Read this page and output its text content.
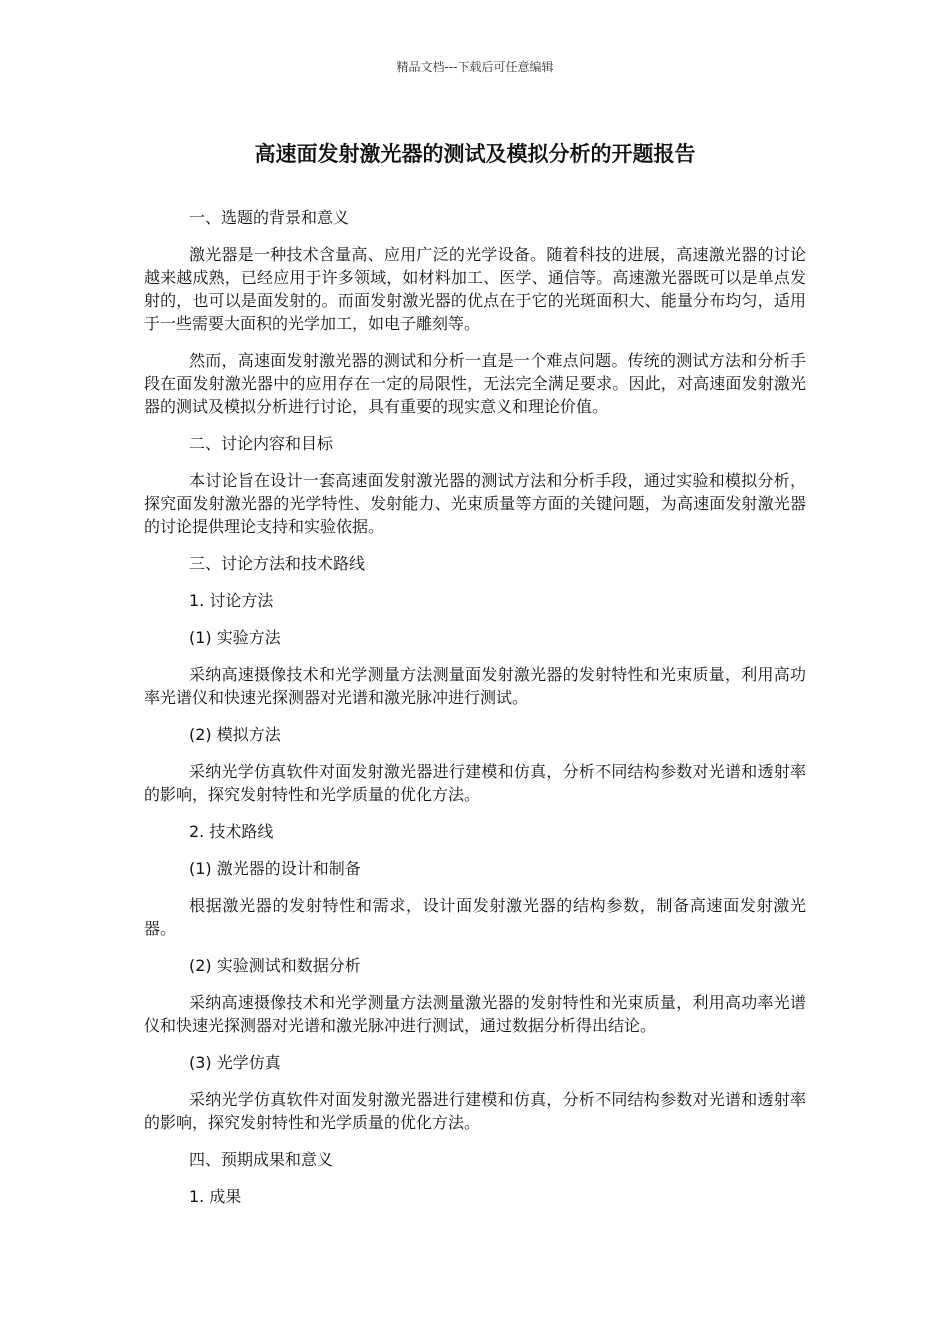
精品文档---下载后可任意编辑
高速面发射激光器的测试及模拟分析的开题报告

一、选题的背景和意义

激光器是一种技术含量高、应用广泛的光学设备。随着科技的进展，高速激光器的讨论越来越成熟，已经应用于许多领域，如材料加工、医学、通信等。高速激光器既可以是单点发射的，也可以是面发射的。而面发射激光器的优点在于它的光斑面积大、能量分布均匀，适用于一些需要大面积的光学加工，如电子雕刻等。

然而，高速面发射激光器的测试和分析一直是一个难点问题。传统的测试方法和分析手段在面发射激光器中的应用存在一定的局限性，无法完全满足要求。因此，对高速面发射激光器的测试及模拟分析进行讨论，具有重要的现实意义和理论价值。

二、讨论内容和目标

本讨论旨在设计一套高速面发射激光器的测试方法和分析手段，通过实验和模拟分析，探究面发射激光器的光学特性、发射能力、光束质量等方面的关键问题，为高速面发射激光器的讨论提供理论支持和实验依据。

三、讨论方法和技术路线

1. 讨论方法

(1) 实验方法

采纳高速摄像技术和光学测量方法测量面发射激光器的发射特性和光束质量，利用高功率光谱仪和快速光探测器对光谱和激光脉冲进行测试。

(2) 模拟方法

采纳光学仿真软件对面发射激光器进行建模和仿真，分析不同结构参数对光谱和透射率的影响，探究发射特性和光学质量的优化方法。

2. 技术路线

(1) 激光器的设计和制备

根据激光器的发射特性和需求，设计面发射激光器的结构参数，制备高速面发射激光器。

(2) 实验测试和数据分析

采纳高速摄像技术和光学测量方法测量激光器的发射特性和光束质量，利用高功率光谱仪和快速光探测器对光谱和激光脉冲进行测试，通过数据分析得出结论。

(3) 光学仿真

采纳光学仿真软件对面发射激光器进行建模和仿真，分析不同结构参数对光谱和透射率的影响，探究发射特性和光学质量的优化方法。

四、预期成果和意义

1. 成果
